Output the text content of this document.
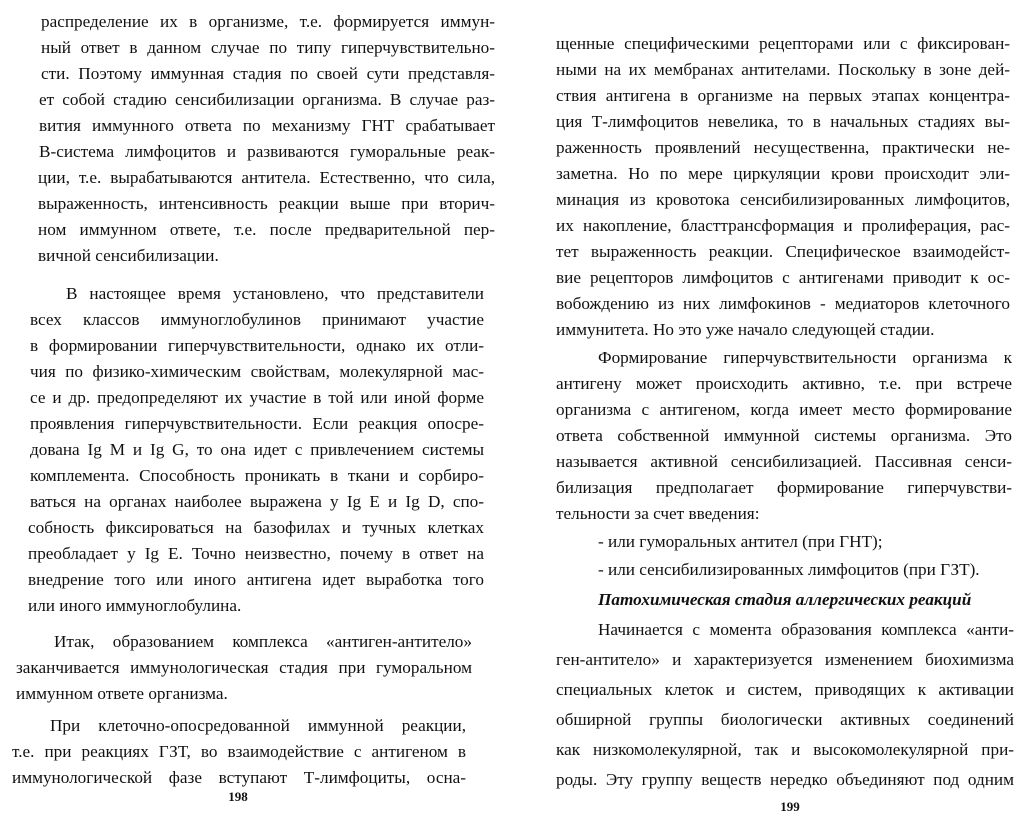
распределение их в организме, т.е. формируется иммун-
ный ответ в данном случае по типу гиперчувствительно-
сти. Поэтому иммунная стадия по своей сути представля-
ет собой стадию сенсибилизации организма. В случае раз-
вития иммунного ответа по механизму ГНТ срабатывает
B-система лимфоцитов и развиваются гуморальные реак-
ции, т.е. вырабатываются антитела. Естественно, что сила,
выраженность, интенсивность реакции выше при вторич-
ном иммунном ответе, т.е. после предварительной пер-
вичной сенсибилизации.
В настоящее время установлено, что представители
всех классов иммуноглобулинов принимают участие
в формировании гиперчувствительности, однако их отли-
чия по физико-химическим свойствам, молекулярной мас-
се и др. предопределяют их участие в той или иной форме
проявления гиперчувствительности. Если реакция опосре-
дована Ig M и Ig G, то она идет с привлечением системы
комплемента. Способность проникать в ткани и сорбиро-
ваться на органах наиболее выражена у Ig E и Ig D, спо-
собность фиксироваться на базофилах и тучных клетках
преобладает у Ig E. Точно неизвестно, почему в ответ на
внедрение того или иного антигена идет выработка того
или иного иммуноглобулина.
Итак, образованием комплекса «антиген-антитело»
заканчивается иммунологическая стадия при гуморальном
иммунном ответе организма.
При клеточно-опосредованной иммунной реакции,
т.е. при реакциях ГЗТ, во взаимодействие с антигеном в
иммунологической фазе вступают Т-лимфоциты, осна-
198
щенные специфическими рецепторами или с фиксирован-
ными на их мембранах антителами. Поскольку в зоне дей-
ствия антигена в организме на первых этапах концентра-
ция Т-лимфоцитов невелика, то в начальных стадиях вы-
раженность проявлений несущественна, практически не-
заметна. Но по мере циркуляции крови происходит эли-
минация из кровотока сенсибилизированных лимфоцитов,
их накопление, бласттрансформация и пролиферация, рас-
тет выраженность реакции. Специфическое взаимодейст-
вие рецепторов лимфоцитов с антигенами приводит к ос-
вобождению из них лимфокинов - медиаторов клеточного
иммунитета. Но это уже начало следующей стадии.
Формирование гиперчувствительности организма к
антигену может происходить активно, т.е. при встрече
организма с антигеном, когда имеет место формирование
ответа собственной иммунной системы организма. Это
называется активной сенсибилизацией. Пассивная сенси-
билизация предполагает формирование гиперчувстви-
тельности за счет введения:
- или гуморальных антител (при ГНТ);
- или сенсибилизированных лимфоцитов (при ГЗТ).
Патохимическая стадия аллергических реакций
Начинается с момента образования комплекса «анти-
ген-антитело» и характеризуется изменением биохимизма
специальных клеток и систем, приводящих к активации
обширной группы биологически активных соединений
как низкомолекулярной, так и высокомолекулярной при-
роды. Эту группу веществ нередко объединяют под одним
199
